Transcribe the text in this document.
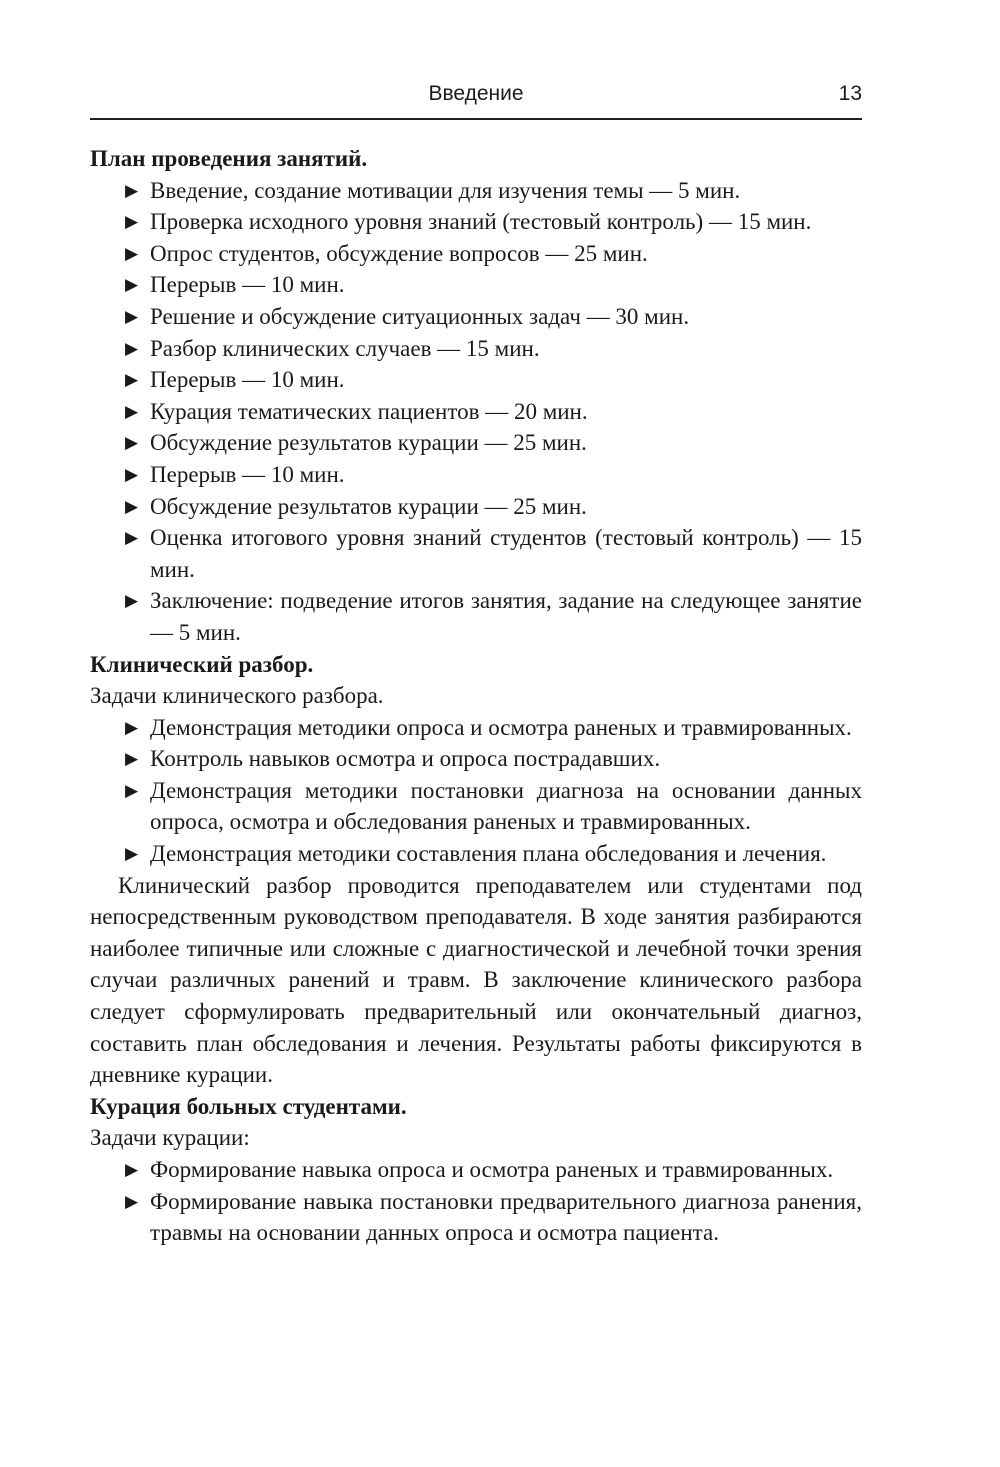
Введение	13
План проведения занятий.
▶ Введение, создание мотивации для изучения темы — 5 мин.
▶ Проверка исходного уровня знаний (тестовый контроль) — 15 мин.
▶ Опрос студентов, обсуждение вопросов — 25 мин.
▶ Перерыв — 10 мин.
▶ Решение и обсуждение ситуационных задач — 30 мин.
▶ Разбор клинических случаев — 15 мин.
▶ Перерыв — 10 мин.
▶ Курация тематических пациентов — 20 мин.
▶ Обсуждение результатов курации — 25 мин.
▶ Перерыв — 10 мин.
▶ Обсуждение результатов курации — 25 мин.
▶ Оценка итогового уровня знаний студентов (тестовый контроль) — 15 мин.
▶ Заключение: подведение итогов занятия, задание на следующее занятие — 5 мин.
Клинический разбор.

Задачи клинического разбора.

▶ Демонстрация методики опроса и осмотра раненых и травмированных.
▶ Контроль навыков осмотра и опроса пострадавших.
▶ Демонстрация методики постановки диагноза на основании данных опроса, осмотра и обследования раненых и травмированных.
▶ Демонстрация методики составления плана обследования и лечения.

Клинический разбор проводится преподавателем или студентами под непосредственным руководством преподавателя. В ходе занятия разбираются наиболее типичные или сложные с диагностической и лечебной точки зрения случаи различных ранений и травм. В заключение клинического разбора следует сформулировать предварительный или окончательный диагноз, составить план обследования и лечения. Результаты работы фиксируются в дневнике курации.

Курация больных студентами.

Задачи курации:

▶ Формирование навыка опроса и осмотра раненых и травмированных.
▶ Формирование навыка постановки предварительного диагноза ранения, травмы на основании данных опроса и осмотра пациента.
